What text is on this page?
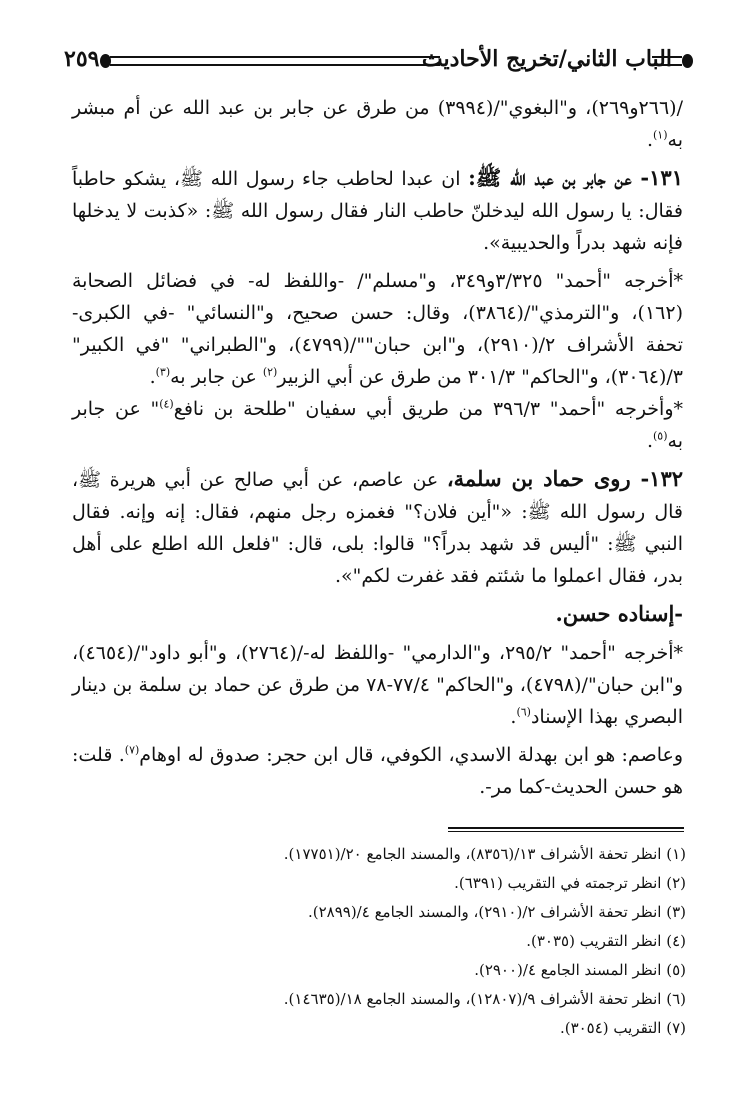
الباب الثاني/تخريج الأحاديث
٢٥٩

/(٢٦٦و٢٦٩)، و"البغوي"/(٣٩٩٤) من طرق عن جابر بن عبد الله عن أم مبشر به$^{(١)}$.

١٣١- عن جابر بن عبد الله ﷺ: ان عبدا لحاطب جاء رسول الله ﷺ، يشكو حاطباً فقال: يا رسول الله ليدخلنّ حاطب النار فقال رسول الله ﷺ: «كذبت لا يدخلها فإنه شهد بدراً والحديبية».

*أخرجه "أحمد" ٣/٣٢٥و٣٤٩، و"مسلم"/ -واللفظ له- في فضائل الصحابة (١٦٢)، و"الترمذي"/(٣٨٦٤)، وقال: حسن صحيح، و"النسائي" -في الكبرى- تحفة الأشراف ٢/(٢٩١٠)، و"ابن حبان""/(٤٧٩٩)، و"الطبراني" "في الكبير" ٣/(٣٠٦٤)، و"الحاكم" ٣٠١/٣ من طرق عن أبي الزبير$^{(٢)}$ عن جابر به$^{(٣)}$.

*وأخرجه "أحمد" ٣٩٦/٣ من طريق أبي سفيان "طلحة بن نافع$^{(٤)}$" عن جابر به$^{(٥)}$.

١٣٢- روى حماد بن سلمة، عن عاصم، عن أبي صالح عن أبي هريرة ﷺ، قال رسول الله ﷺ: «"أين فلان؟" فغمزه رجل منهم، فقال: إنه وإنه. فقال النبي ﷺ: "أليس قد شهد بدراً؟" قالوا: بلى، قال: "فلعل الله اطلع على أهل بدر، فقال اعملوا ما شئتم فقد غفرت لكم"».

-إسناده حسن.

*أخرجه "أحمد" ٢٩٥/٢، و"الدارمي" -واللفظ له-/(٢٧٦٤)، و"أبو داود"/(٤٦٥٤)، و"ابن حبان"/(٤٧٩٨)، و"الحاكم" ٧٧/٤-٧٨ من طرق عن حماد بن سلمة بن دينار البصري بهذا الإسناد$^{(٦)}$.

وعاصم: هو ابن بهدلة الاسدي، الكوفي، قال ابن حجر: صدوق له اوهام$^{(٧)}$. قلت: هو حسن الحديث-كما مر-.

(١) انظر تحفة الأشراف ١٣/(٨٣٥٦)، والمسند الجامع ٢٠/(١٧٧٥١).
(٢) انظر ترجمته في التقريب (٦٣٩١).
(٣) انظر تحفة الأشراف ٢/(٢٩١٠)، والمسند الجامع ٤/(٢٨٩٩).
(٤) انظر التقريب (٣٠٣٥).
(٥) انظر المسند الجامع ٤/(٢٩٠٠).
(٦) انظر تحفة الأشراف ٩/(١٢٨٠٧)، والمسند الجامع ١٨/(١٤٦٣٥).
(٧) التقريب (٣٠٥٤).
